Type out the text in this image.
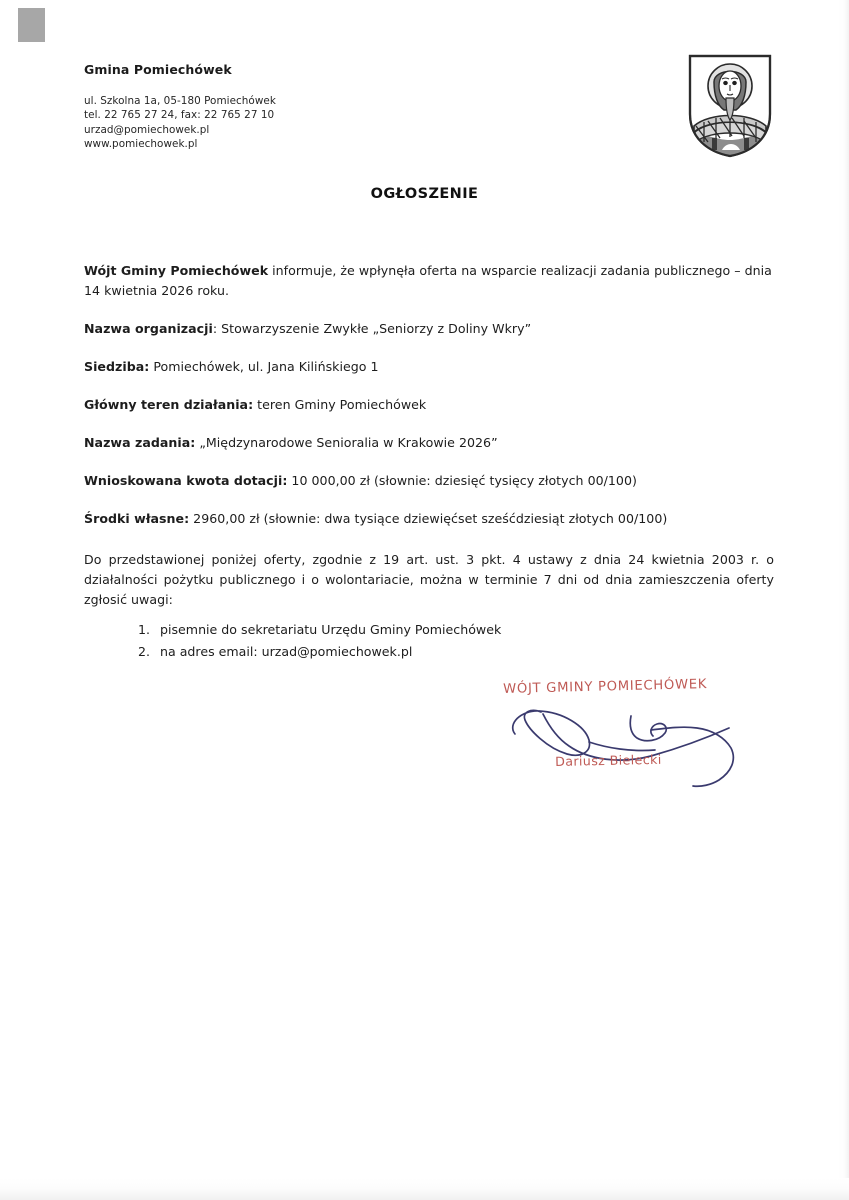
Gmina Pomiechówek
ul. Szkolna 1a, 05-180 Pomiechówek
tel. 22 765 27 24, fax: 22 765 27 10
urzad@pomiechowek.pl
www.pomiechowek.pl
OGŁOSZENIE

Wójt Gminy Pomiechówek informuje, że wpłynęła oferta na wsparcie realizacji zadania publicznego – dnia 14 kwietnia 2026 roku.

Nazwa organizacji: Stowarzyszenie Zwykłe „Seniorzy z Doliny Wkry”

Siedziba: Pomiechówek, ul. Jana Kilińskiego 1

Główny teren działania: teren Gminy Pomiechówek

Nazwa zadania: „Międzynarodowe Senioralia w Krakowie 2026”

Wnioskowana kwota dotacji: 10 000,00 zł (słownie: dziesięć tysięcy złotych 00/100)

Środki własne: 2960,00 zł (słownie: dwa tysiące dziewięćset sześćdziesiąt złotych 00/100)

Do przedstawionej poniżej oferty, zgodnie z 19 art. ust. 3 pkt. 4 ustawy z dnia 24 kwietnia 2003 r. o działalności pożytku publicznego i o wolontariacie, można w terminie 7 dni od dnia zamieszczenia oferty zgłosić uwagi:

1. pisemnie do sekretariatu Urzędu Gminy Pomiechówek
2. na adres email: urzad@pomiechowek.pl
WÓJT GMINY POMIECHÓWEK
Dariusz Bielecki
